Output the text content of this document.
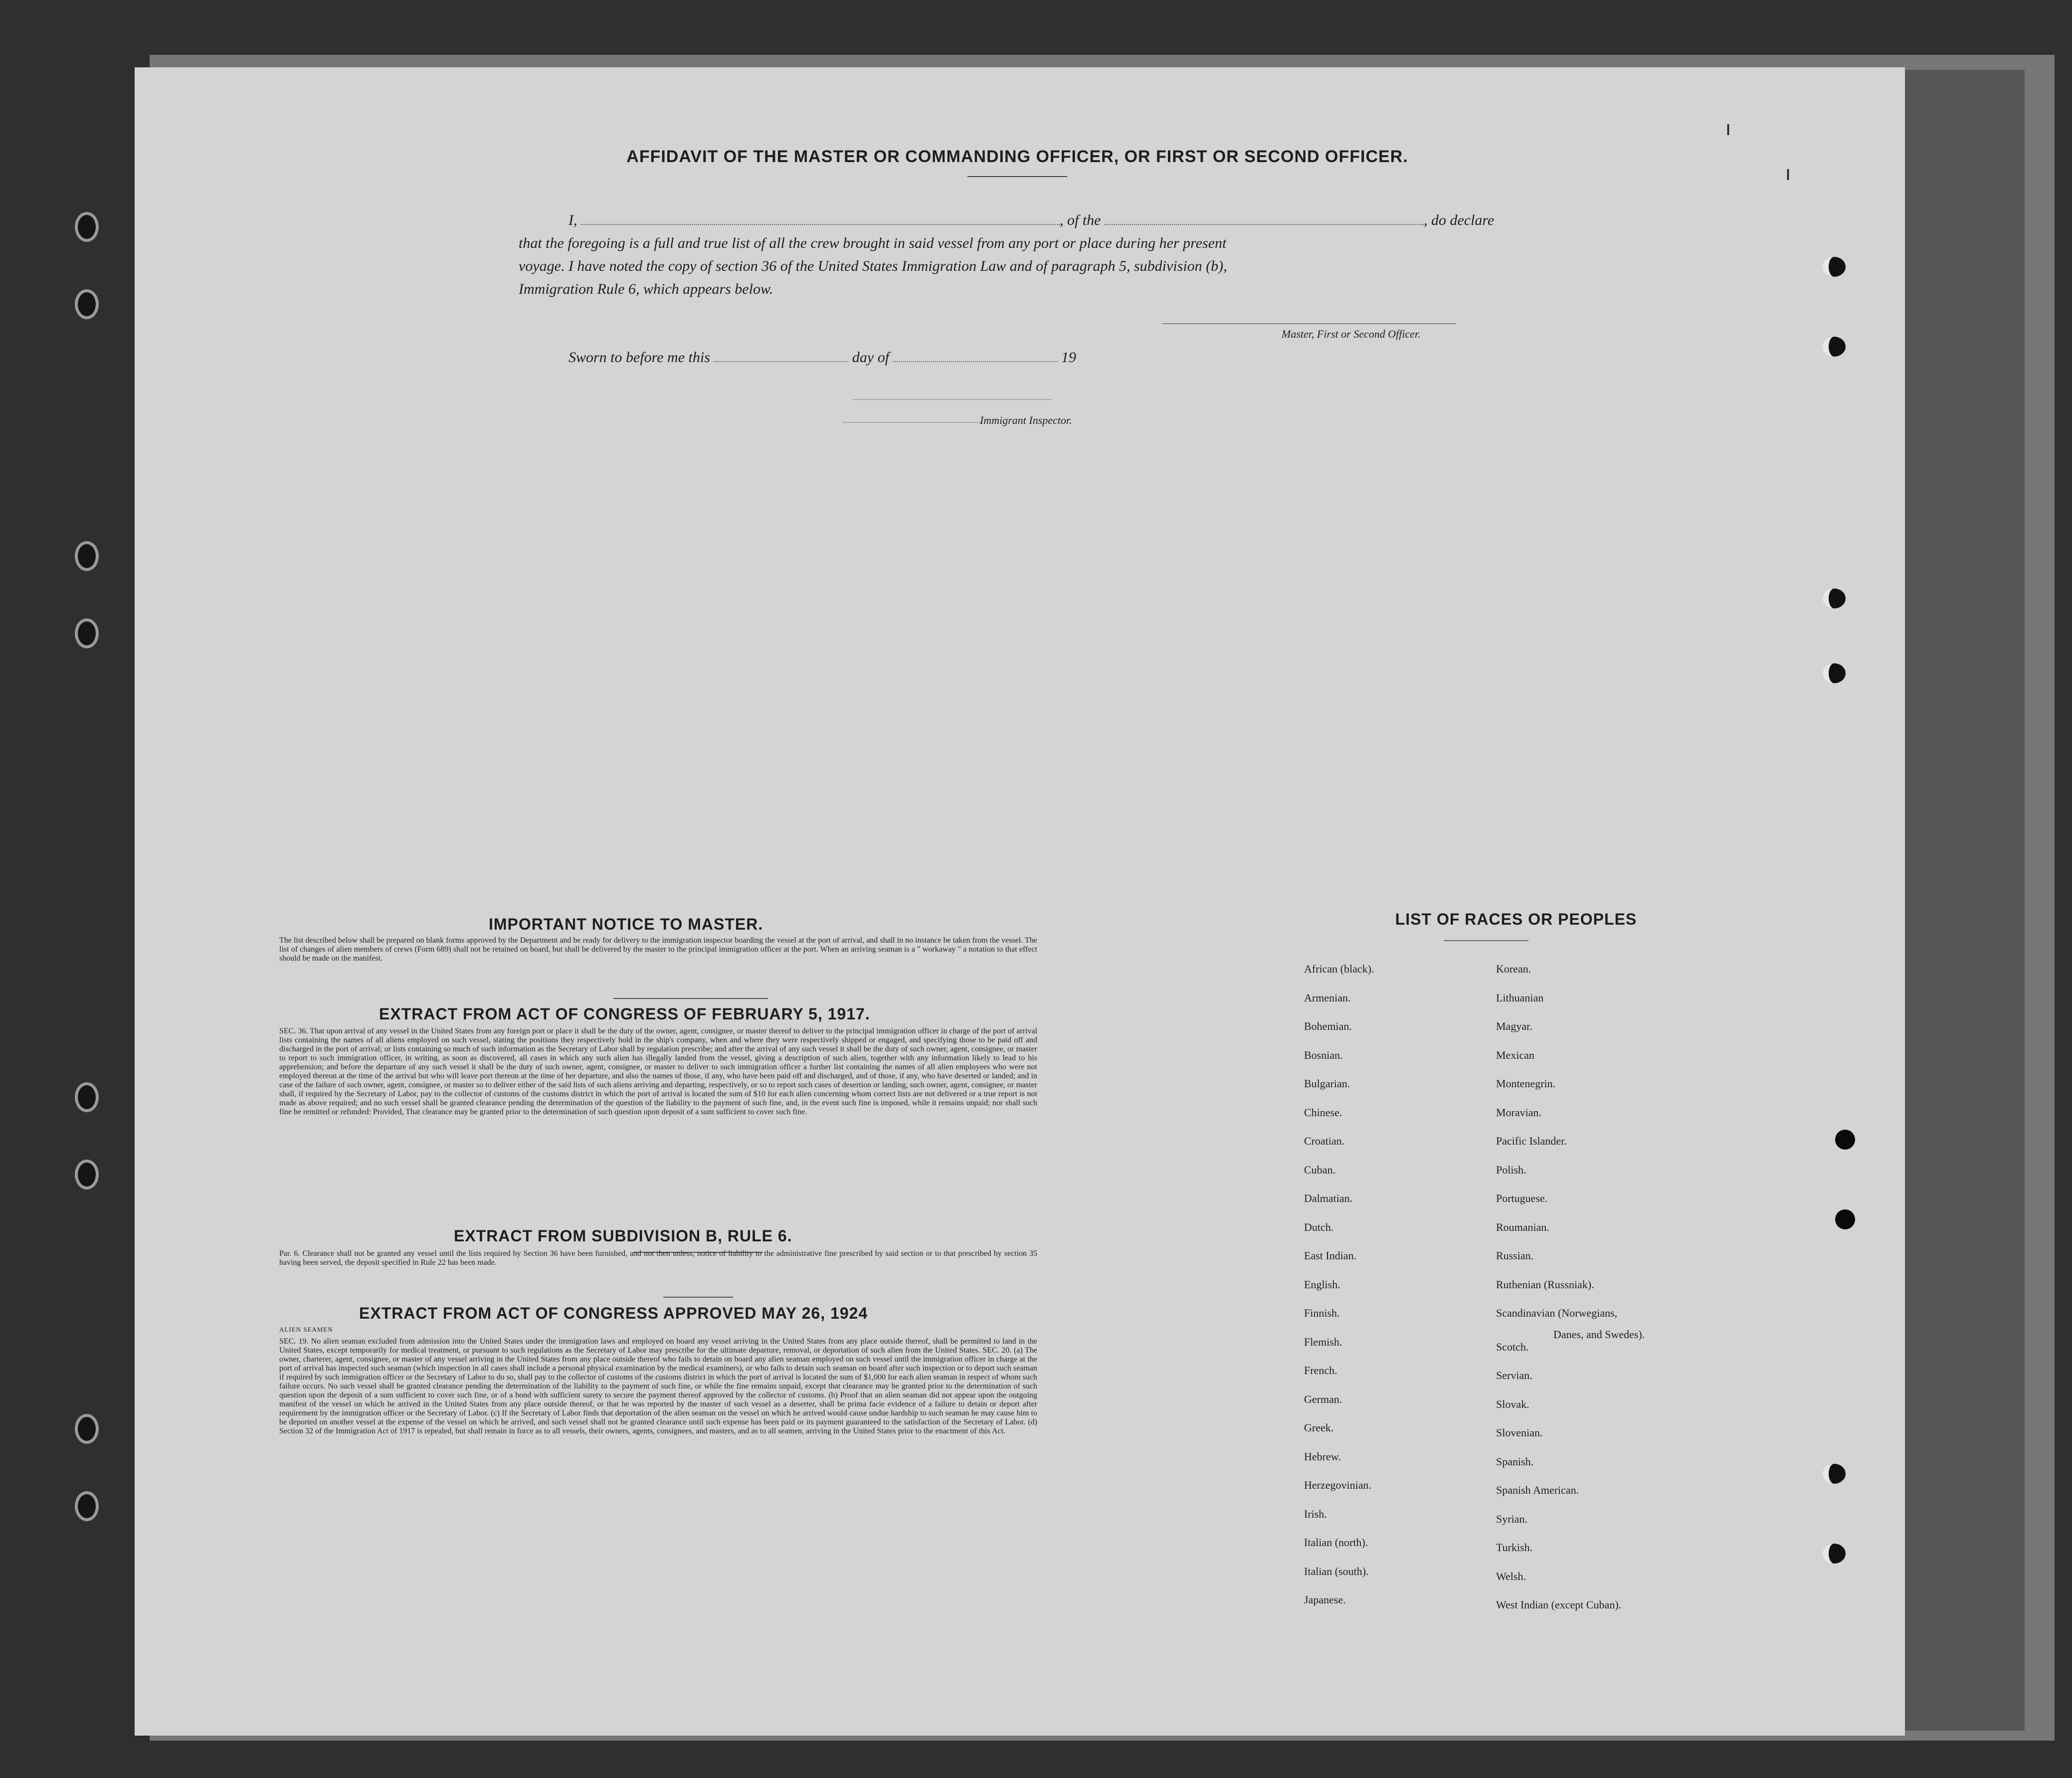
AFFIDAVIT OF THE MASTER OR COMMANDING OFFICER, OR FIRST OR SECOND OFFICER.
I,	, of the	, do declare
that the foregoing is a full and true list of all the crew brought in said vessel from any port or place during her present
voyage. I have noted the copy of section 36 of the United States Immigration Law and of paragraph 5, subdivision (b),
Immigration Rule 6, which appears below.
Master, First or Second Officer.
Sworn to before me this	day of	19
Immigrant Inspector.
IMPORTANT NOTICE TO MASTER.
The list described below shall be prepared on blank forms approved by the Department and be ready for delivery to the immigration inspector boarding the vessel at the port of arrival, and shall in no instance be taken from the vessel. The list of changes of alien members of crews (Form 689) shall not be retained on board, but shall be delivered by the master to the principal immigration officer at the port. When an arriving seaman is a " workaway " a notation to that effect should be made on the manifest.
EXTRACT FROM ACT OF CONGRESS OF FEBRUARY 5, 1917.
SEC. 36. That upon arrival of any vessel in the United States from any foreign port or place it shall be the duty of the owner, agent, consignee, or master thereof to deliver to the principal immigration officer in charge of the port of arrival lists containing the names of all aliens employed on such vessel, stating the positions they respectively hold in the ship's company, when and where they were respectively shipped or engaged, and specifying those to be paid off and discharged in the port of arrival; or lists containing so much of such information as the Secretary of Labor shall by regulation prescribe; and after the arrival of any such vessel it shall be the duty of such owner, agent, consignee, or master to report to such immigration officer, in writing, as soon as discovered, all cases in which any such alien has illegally landed from the vessel, giving a description of such alien, together with any information likely to lead to his apprehension; and before the departure of any such vessel it shall be the duty of such owner, agent, consignee, or master to deliver to such immigration officer a further list containing the names of all alien employees who were not employed thereon at the time of the arrival but who will leave port thereon at the time of her departure, and also the names of those, if any, who have been paid off and discharged, and of those, if any, who have deserted or landed; and in case of the failure of such owner, agent, consignee, or master so to deliver either of the said lists of such aliens arriving and departing, respectively, or so to report such cases of desertion or landing, such owner, agent, consignee, or master shall, if required by the Secretary of Labor, pay to the collector of customs of the customs district in which the port of arrival is located the sum of $10 for each alien concerning whom correct lists are not delivered or a true report is not made as above required; and no such vessel shall be granted clearance pending the determination of the question of the liability to the payment of such fine, and, in the event such fine is imposed, while it remains unpaid; nor shall such fine be remitted or refunded: Provided, That clearance may be granted prior to the determination of such question upon deposit of a sum sufficient to cover such fine.
EXTRACT FROM SUBDIVISION B, RULE 6.
Par. 6. Clearance shall not be granted any vessel until the lists required by Section 36 have been furnished, and not then unless, notice of liability to the administrative fine prescribed by said section or to that prescribed by section 35 having been served, the deposit specified in Rule 22 has been made.
EXTRACT FROM ACT OF CONGRESS APPROVED MAY 26, 1924
ALIEN SEAMEN
SEC. 19. No alien seaman excluded from admission into the United States under the immigration laws and employed on board any vessel arriving in the United States from any place outside thereof, shall be permitted to land in the United States, except temporarily for medical treatment, or pursuant to such regulations as the Secretary of Labor may prescribe for the ultimate departure, removal, or deportation of such alien from the United States. SEC. 20. (a) The owner, charterer, agent, consignee, or master of any vessel arriving in the United States from any place outside thereof who fails to detain on board any alien seaman employed on such vessel until the immigration officer in charge at the port of arrival has inspected such seaman (which inspection in all cases shall include a personal physical examination by the medical examiners), or who fails to detain such seaman on board after such inspection or to deport such seaman if required by such immigration officer or the Secretary of Labor to do so, shall pay to the collector of customs of the customs district in which the port of arrival is located the sum of $1,000 for each alien seaman in respect of whom such failure occurs. No such vessel shall be granted clearance pending the determination of the liability to the payment of such fine, or while the fine remains unpaid, except that clearance may be granted prior to the determination of such question upon the deposit of a sum sufficient to cover such fine, or of a bond with sufficient surety to secure the payment thereof approved by the collector of customs. (b) Proof that an alien seaman did not appear upon the outgoing manifest of the vessel on which he arrived in the United States from any place outside thereof, or that he was reported by the master of such vessel as a deserter, shall be prima facie evidence of a failure to detain or deport after requirement by the immigration officer or the Secretary of Labor. (c) If the Secretary of Labor finds that deportation of the alien seaman on the vessel on which he arrived would cause undue hardship to such seaman he may cause him to be deported on another vessel at the expense of the vessel on which he arrived, and such vessel shall not be granted clearance until such expense has been paid or its payment guaranteed to the satisfaction of the Secretary of Labor. (d) Section 32 of the Immigration Act of 1917 is repealed, but shall remain in force as to all vessels, their owners, agents, consignees, and masters, and as to all seamen, arriving in the United States prior to the enactment of this Act.
LIST OF RACES OR PEOPLES
African (black).
Armenian.
Bohemian.
Bosnian.
Bulgarian.
Chinese.
Croatian.
Cuban.
Dalmatian.
Dutch.
East Indian.
English.
Finnish.
Flemish.
French.
German.
Greek.
Hebrew.
Herzegovinian.
Irish.
Italian (north).
Italian (south).
Japanese.
Korean.
Lithuanian
Magyar.
Mexican
Montenegrin.
Moravian.
Pacific Islander.
Polish.
Portuguese.
Roumanian.
Russian.
Ruthenian (Russniak).
Scandinavian (Norwegians,
Scotch.
Servian.
Slovak.
Slovenian.
Spanish.
Spanish American.
Syrian.
Turkish.
Welsh.
West Indian (except Cuban).
Danes, and Swedes).
ı
ı
